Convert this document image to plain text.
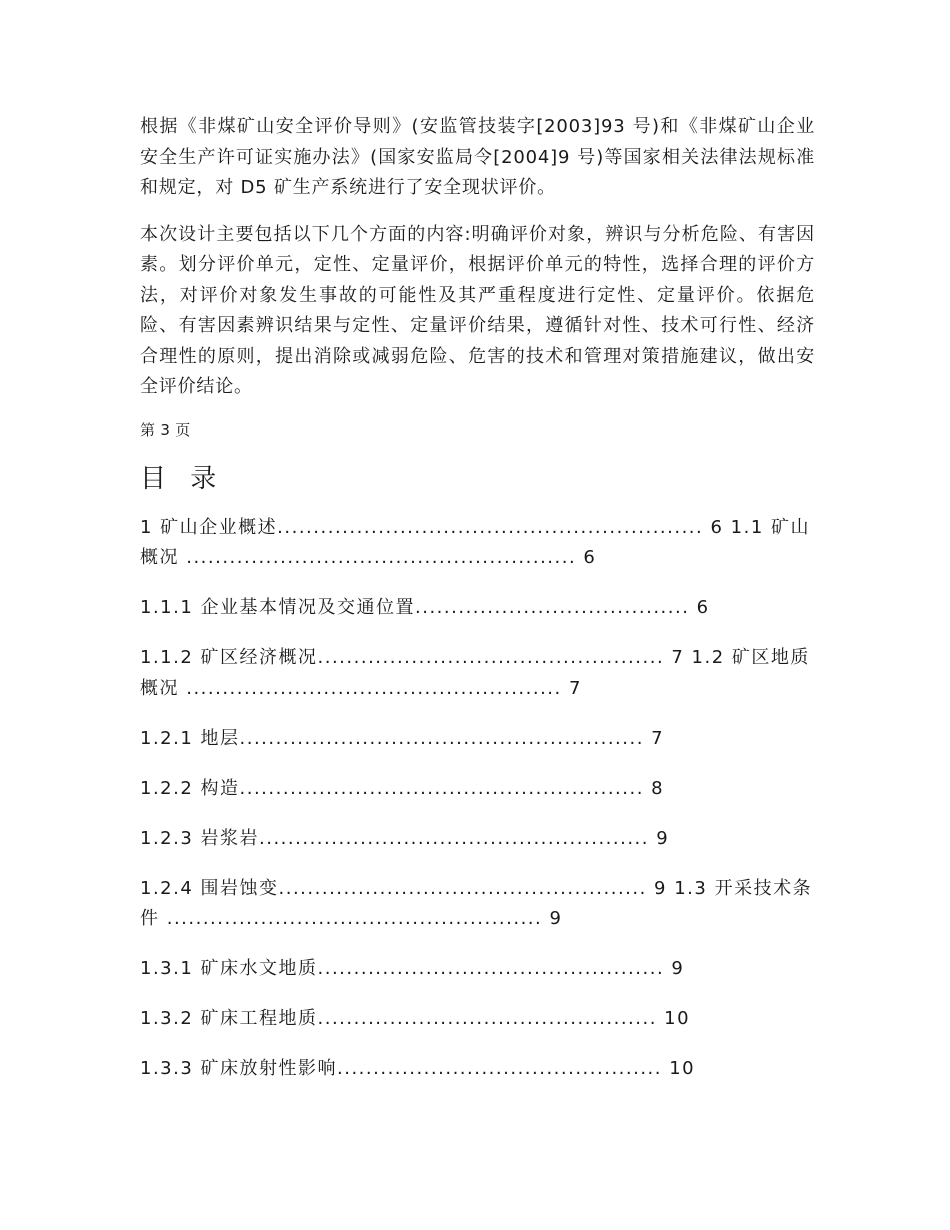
根据《非煤矿山安全评价导则》(安监管技装字[2003]93 号)和《非煤矿山企业安全生产许可证实施办法》(国家安监局令[2004]9 号)等国家相关法律法规标准和规定，对 D5 矿生产系统进行了安全现状评价。

本次设计主要包括以下几个方面的内容:明确评价对象，辨识与分析危险、有害因素。划分评价单元，定性、定量评价，根据评价单元的特性，选择合理的评价方法，对评价对象发生事故的可能性及其严重程度进行定性、定量评价。依据危险、有害因素辨识结果与定性、定量评价结果，遵循针对性、技术可行性、经济合理性的原则，提出消除或减弱危险、危害的技术和管理对策措施建议，做出安全评价结论。

第 3 页
目 录
1 矿山企业概述........................................................... 6 1.1 矿山概况 ...................................................... 6
1.1.1 企业基本情况及交通位置...................................... 6
1.1.2 矿区经济概况................................................ 7 1.2 矿区地质概况 .................................................... 7
1.2.1 地层........................................................ 7
1.2.2 构造........................................................ 8
1.2.3 岩浆岩...................................................... 9
1.2.4 围岩蚀变................................................... 9 1.3 开采技术条件 .................................................... 9
1.3.1 矿床水文地质................................................ 9
1.3.2 矿床工程地质............................................... 10
1.3.3 矿床放射性影响............................................. 10
